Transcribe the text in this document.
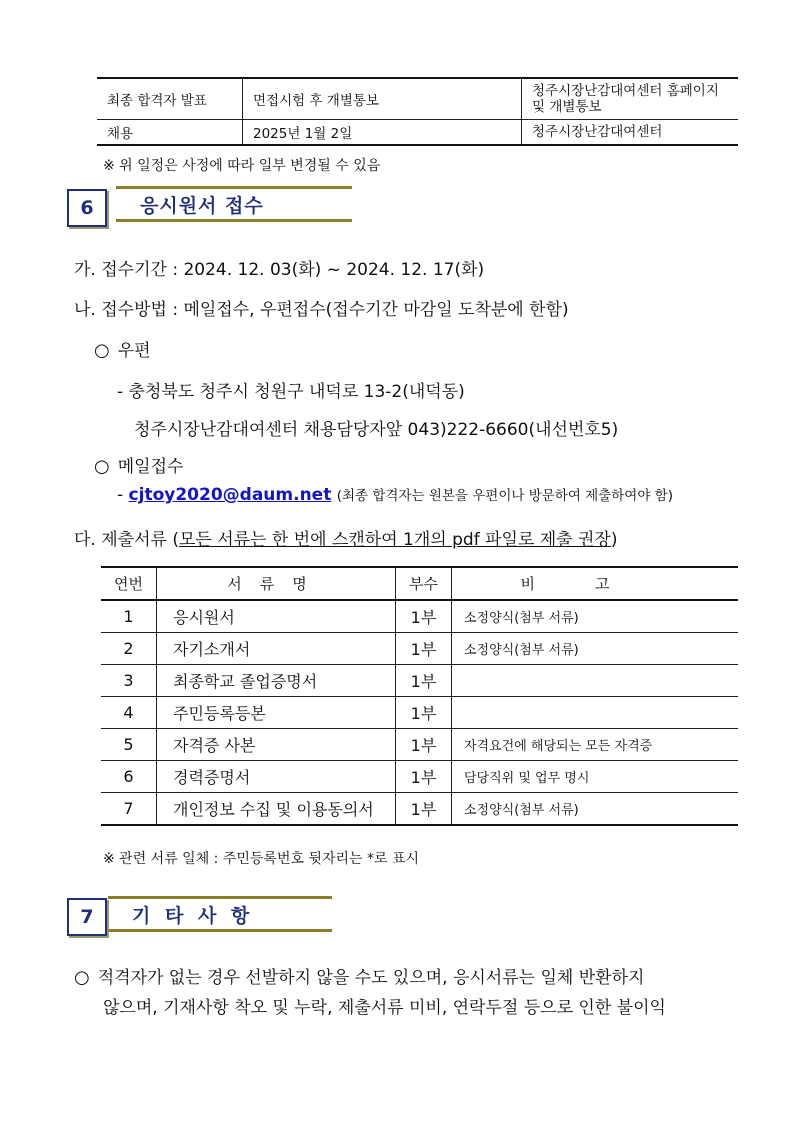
최종 합격자 발표	면접시험 후 개별통보	청주시장난감대여센터 홈페이지
및 개별통보

채용	2025년 1월 2일	청주시장난감대여센터
※ 위 일정은 사정에 따라 일부 변경될 수 있음
6	응시원서 접수
가. 접수기간 : 2024. 12. 03(화) ~ 2024. 12. 17(화)
나. 접수방법 : 메일접수, 우편접수(접수기간 마감일 도착분에 한함)
○ 우편
- 충청북도 청주시 청원구 내덕로 13-2(내덕동)
청주시장난감대여센터 채용담당자앞 043)222-6660(내선번호5)
○ 메일접수
- cjtoy2020@daum.net (최종 합격자는 원본을 우편이나 방문하여 제출하여야 함)
다. 제출서류 (모든 서류는 한 번에 스캔하여 1개의 pdf 파일로 제출 권장)
연번	서류명	부수	비고
1	응시원서	1부	소정양식(첨부 서류)
2	자기소개서	1부	소정양식(첨부 서류)
3	최종학교 졸업증명서	1부	
4	주민등록등본	1부	
5	자격증 사본	1부	자격요건에 해당되는 모든 자격증
6	경력증명서	1부	담당직위 및 업무 명시
7	개인정보 수집 및 이용동의서	1부	소정양식(첨부 서류)
※ 관련 서류 일체 : 주민등록번호 뒷자리는 *로 표시
7	기 타 사 항
○ 적격자가 없는 경우 선발하지 않을 수도 있으며, 응시서류는 일체 반환하지
않으며, 기재사항 착오 및 누락, 제출서류 미비, 연락두절 등으로 인한 불이익
